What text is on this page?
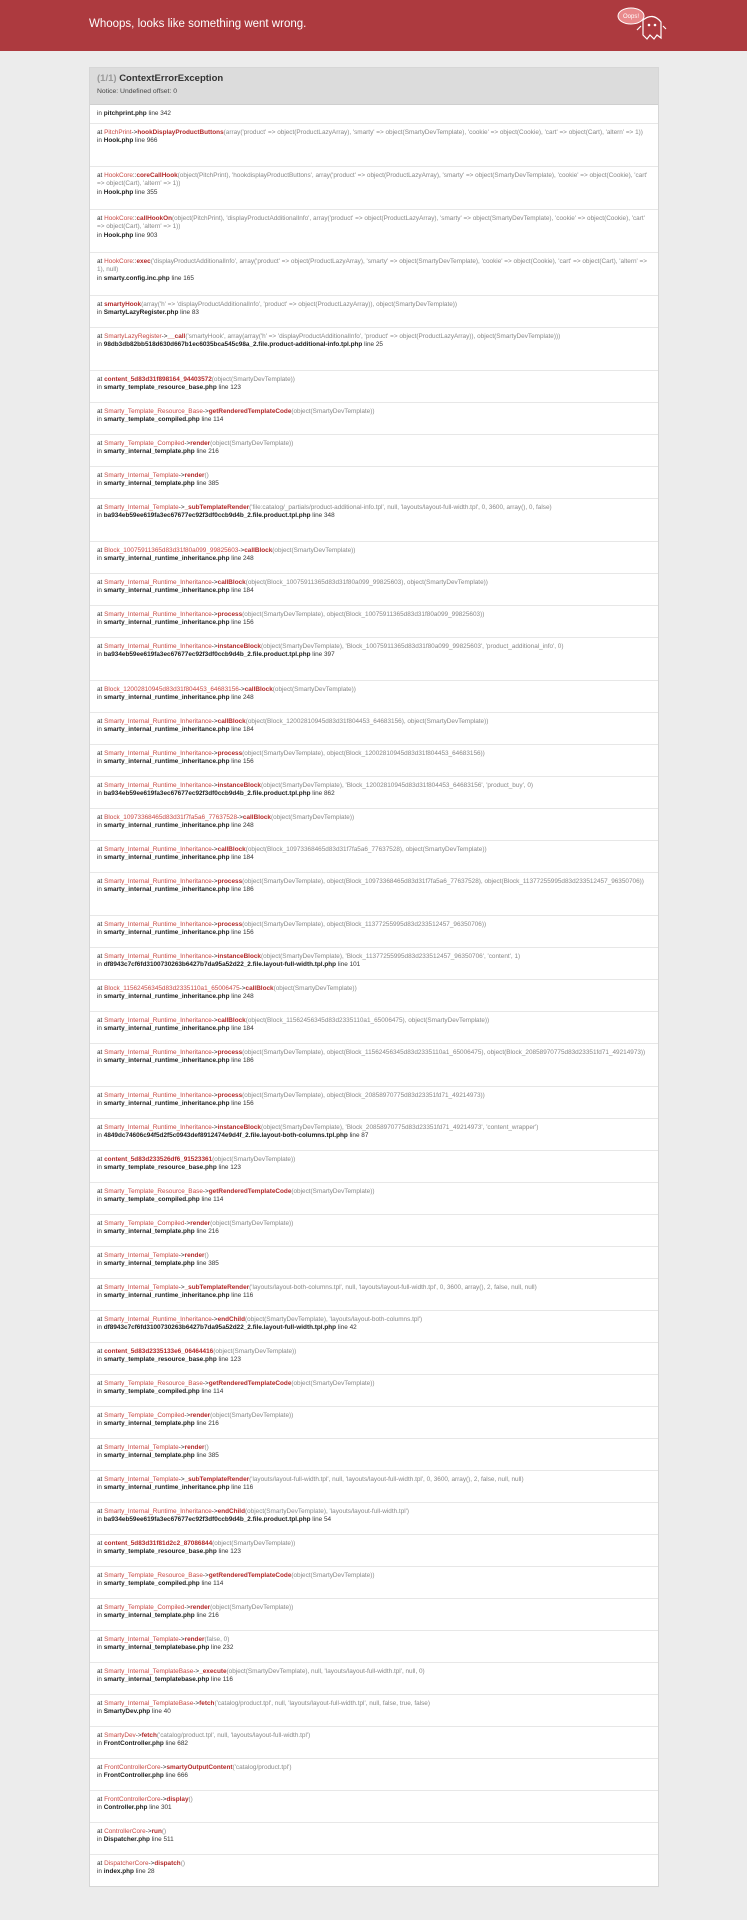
Whoops, looks like something went wrong.
Oops!
(1/1) ContextErrorException
Notice: Undefined offset: 0
in pitchprint.php line 342
at PitchPrint->hookDisplayProductButtons(array('product' => object(ProductLazyArray), 'smarty' => object(SmartyDevTemplate), 'cookie' => object(Cookie), 'cart' => object(Cart), 'altern' => 1))
in Hook.php line 966
at HookCore::coreCallHook(object(PitchPrint), 'hookdisplayProductButtons', array('product' => object(ProductLazyArray), 'smarty' => object(SmartyDevTemplate), 'cookie' => object(Cookie), 'cart' => object(Cart), 'altern' => 1))
in Hook.php line 355
at HookCore::callHookOn(object(PitchPrint), 'displayProductAdditionalInfo', array('product' => object(ProductLazyArray), 'smarty' => object(SmartyDevTemplate), 'cookie' => object(Cookie), 'cart' => object(Cart), 'altern' => 1))
in Hook.php line 903
at HookCore::exec('displayProductAdditionalInfo', array('product' => object(ProductLazyArray), 'smarty' => object(SmartyDevTemplate), 'cookie' => object(Cookie), 'cart' => object(Cart), 'altern' => 1), null)
in smarty.config.inc.php line 165
at smartyHook(array('h' => 'displayProductAdditionalInfo', 'product' => object(ProductLazyArray)), object(SmartyDevTemplate))
in SmartyLazyRegister.php line 83
at SmartyLazyRegister->__call('smartyHook', array(array('h' => 'displayProductAdditionalInfo', 'product' => object(ProductLazyArray)), object(SmartyDevTemplate)))
in 98db3db82bb518d630d667b1ec6035bca545c98a_2.file.product-additional-info.tpl.php line 25
at content_5d83d31f898164_94403572(object(SmartyDevTemplate))
in smarty_template_resource_base.php line 123
at Smarty_Template_Resource_Base->getRenderedTemplateCode(object(SmartyDevTemplate))
in smarty_template_compiled.php line 114
at Smarty_Template_Compiled->render(object(SmartyDevTemplate))
in smarty_internal_template.php line 216
at Smarty_Internal_Template->render()
in smarty_internal_template.php line 385
at Smarty_Internal_Template->_subTemplateRender('file:catalog/_partials/product-additional-info.tpl', null, 'layouts/layout-full-width.tpl', 0, 3600, array(), 0, false)
in ba934eb59ee619fa3ec67677ec92f3df0ccb9d4b_2.file.product.tpl.php line 348
at Block_10075911365d83d31f80a099_99825603->callBlock(object(SmartyDevTemplate))
in smarty_internal_runtime_inheritance.php line 248
at Smarty_Internal_Runtime_Inheritance->callBlock(object(Block_10075911365d83d31f80a099_99825603), object(SmartyDevTemplate))
in smarty_internal_runtime_inheritance.php line 184
at Smarty_Internal_Runtime_Inheritance->process(object(SmartyDevTemplate), object(Block_10075911365d83d31f80a099_99825603))
in smarty_internal_runtime_inheritance.php line 156
at Smarty_Internal_Runtime_Inheritance->instanceBlock(object(SmartyDevTemplate), 'Block_10075911365d83d31f80a099_99825603', 'product_additional_info', 0)
in ba934eb59ee619fa3ec67677ec92f3df0ccb9d4b_2.file.product.tpl.php line 397
at Block_12002810945d83d31f804453_64683156->callBlock(object(SmartyDevTemplate))
in smarty_internal_runtime_inheritance.php line 248
at Smarty_Internal_Runtime_Inheritance->callBlock(object(Block_12002810945d83d31f804453_64683156), object(SmartyDevTemplate))
in smarty_internal_runtime_inheritance.php line 184
at Smarty_Internal_Runtime_Inheritance->process(object(SmartyDevTemplate), object(Block_12002810945d83d31f804453_64683156))
in smarty_internal_runtime_inheritance.php line 156
at Smarty_Internal_Runtime_Inheritance->instanceBlock(object(SmartyDevTemplate), 'Block_12002810945d83d31f804453_64683156', 'product_buy', 0)
in ba934eb59ee619fa3ec67677ec92f3df0ccb9d4b_2.file.product.tpl.php line 862
at Block_10973368465d83d31f7fa5a6_77637528->callBlock(object(SmartyDevTemplate))
in smarty_internal_runtime_inheritance.php line 248
at Smarty_Internal_Runtime_Inheritance->callBlock(object(Block_10973368465d83d31f7fa5a6_77637528), object(SmartyDevTemplate))
in smarty_internal_runtime_inheritance.php line 184
at Smarty_Internal_Runtime_Inheritance->process(object(SmartyDevTemplate), object(Block_10973368465d83d31f7fa5a6_77637528), object(Block_11377255995d83d233512457_96350706))
in smarty_internal_runtime_inheritance.php line 186
at Smarty_Internal_Runtime_Inheritance->process(object(SmartyDevTemplate), object(Block_11377255995d83d233512457_96350706))
in smarty_internal_runtime_inheritance.php line 156
at Smarty_Internal_Runtime_Inheritance->instanceBlock(object(SmartyDevTemplate), 'Block_11377255995d83d233512457_96350706', 'content', 1)
in df8943c7cf6fd3100730263b6427b7da95a52d22_2.file.layout-full-width.tpl.php line 101
at Block_11562456345d83d2335110a1_65006475->callBlock(object(SmartyDevTemplate))
in smarty_internal_runtime_inheritance.php line 248
at Smarty_Internal_Runtime_Inheritance->callBlock(object(Block_11562456345d83d2335110a1_65006475), object(SmartyDevTemplate))
in smarty_internal_runtime_inheritance.php line 184
at Smarty_Internal_Runtime_Inheritance->process(object(SmartyDevTemplate), object(Block_11562456345d83d2335110a1_65006475), object(Block_20858970775d83d23351fd71_49214973))
in smarty_internal_runtime_inheritance.php line 186
at Smarty_Internal_Runtime_Inheritance->process(object(SmartyDevTemplate), object(Block_20858970775d83d23351fd71_49214973))
in smarty_internal_runtime_inheritance.php line 156
at Smarty_Internal_Runtime_Inheritance->instanceBlock(object(SmartyDevTemplate), 'Block_20858970775d83d23351fd71_49214973', 'content_wrapper')
in 4849dc74606c94f5d2f5c0943def8912474e9d4f_2.file.layout-both-columns.tpl.php line 87
at content_5d83d233526df6_91523361(object(SmartyDevTemplate))
in smarty_template_resource_base.php line 123
at Smarty_Template_Resource_Base->getRenderedTemplateCode(object(SmartyDevTemplate))
in smarty_template_compiled.php line 114
at Smarty_Template_Compiled->render(object(SmartyDevTemplate))
in smarty_internal_template.php line 216
at Smarty_Internal_Template->render()
in smarty_internal_template.php line 385
at Smarty_Internal_Template->_subTemplateRender('layouts/layout-both-columns.tpl', null, 'layouts/layout-full-width.tpl', 0, 3600, array(), 2, false, null, null)
in smarty_internal_runtime_inheritance.php line 116
at Smarty_Internal_Runtime_Inheritance->endChild(object(SmartyDevTemplate), 'layouts/layout-both-columns.tpl')
in df8943c7cf6fd3100730263b6427b7da95a52d22_2.file.layout-full-width.tpl.php line 42
at content_5d83d2335133e6_06464416(object(SmartyDevTemplate))
in smarty_template_resource_base.php line 123
at Smarty_Template_Resource_Base->getRenderedTemplateCode(object(SmartyDevTemplate))
in smarty_template_compiled.php line 114
at Smarty_Template_Compiled->render(object(SmartyDevTemplate))
in smarty_internal_template.php line 216
at Smarty_Internal_Template->render()
in smarty_internal_template.php line 385
at Smarty_Internal_Template->_subTemplateRender('layouts/layout-full-width.tpl', null, 'layouts/layout-full-width.tpl', 0, 3600, array(), 2, false, null, null)
in smarty_internal_runtime_inheritance.php line 116
at Smarty_Internal_Runtime_Inheritance->endChild(object(SmartyDevTemplate), 'layouts/layout-full-width.tpl')
in ba934eb59ee619fa3ec67677ec92f3df0ccb9d4b_2.file.product.tpl.php line 54
at content_5d83d31f81d2c2_87086844(object(SmartyDevTemplate))
in smarty_template_resource_base.php line 123
at Smarty_Template_Resource_Base->getRenderedTemplateCode(object(SmartyDevTemplate))
in smarty_template_compiled.php line 114
at Smarty_Template_Compiled->render(object(SmartyDevTemplate))
in smarty_internal_template.php line 216
at Smarty_Internal_Template->render(false, 0)
in smarty_internal_templatebase.php line 232
at Smarty_Internal_TemplateBase->_execute(object(SmartyDevTemplate), null, 'layouts/layout-full-width.tpl', null, 0)
in smarty_internal_templatebase.php line 116
at Smarty_Internal_TemplateBase->fetch('catalog/product.tpl', null, 'layouts/layout-full-width.tpl', null, false, true, false)
in SmartyDev.php line 40
at SmartyDev->fetch('catalog/product.tpl', null, 'layouts/layout-full-width.tpl')
in FrontController.php line 682
at FrontControllerCore->smartyOutputContent('catalog/product.tpl')
in FrontController.php line 666
at FrontControllerCore->display()
in Controller.php line 301
at ControllerCore->run()
in Dispatcher.php line 511
at DispatcherCore->dispatch()
in index.php line 28
